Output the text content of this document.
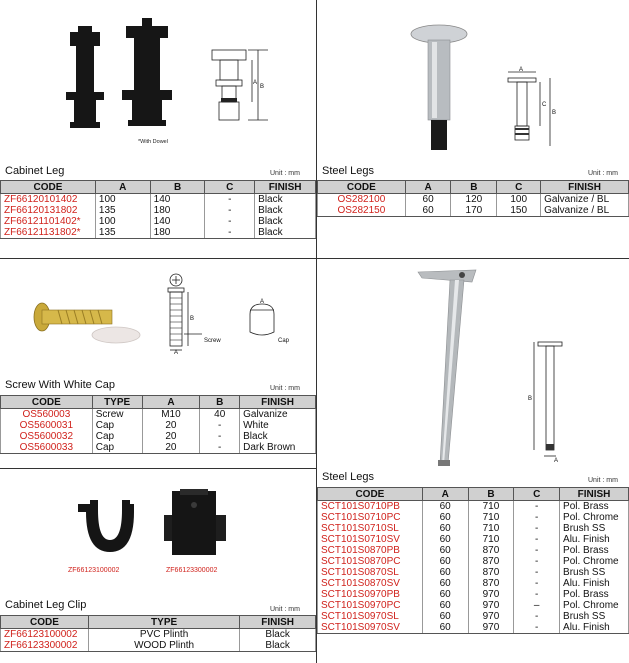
*With Dowel
A
B
Cabinet Leg	Unit : mm
CODE	A	B	C	FINISH
ZF66120101402	100	140	-	Black
ZF66120131802	135	180	-	Black
ZF66121101402*	100	140	-	Black
ZF66121131802*	135	180	-	Black
A
C
B
Steel Legs	Unit : mm
CODE	A	B	C	FINISH
OS282100	60	120	100	Galvanize / BL
OS282150	60	170	150	Galvanize / BL
B
A
A
Screw	Cap
Screw With White Cap	Unit : mm
CODE	TYPE	A	B	FINISH
OS560003	Screw	M10	40	Galvanize
OS5600031	Cap	20	-	White
OS5600032	Cap	20	-	Black
OS5600033	Cap	20	-	Dark Brown
ZF66123100002	ZF66123300002
Cabinet Leg Clip	Unit : mm
CODE	TYPE	FINISH
ZF66123100002	PVC Plinth	Black
ZF66123300002	WOOD Plinth	Black
B
A
Steel Legs	Unit : mm
CODE	A	B	C	FINISH
SCT101S0710PB	60	710	-	Pol. Brass
SCT101S0710PC	60	710	-	Pol. Chrome
SCT101S0710SL	60	710	-	Brush SS
SCT101S0710SV	60	710	-	Alu. Finish
SCT101S0870PB	60	870	-	Pol. Brass
SCT101S0870PC	60	870	-	Pol. Chrome
SCT101S0870SL	60	870	-	Brush SS
SCT101S0870SV	60	870	-	Alu. Finish
SCT101S0970PB	60	970	-	Pol. Brass
SCT101S0970PC	60	970	–	Pol. Chrome
SCT101S0970SL	60	970	-	Brush SS
SCT101S0970SV	60	970	-	Alu. Finish
